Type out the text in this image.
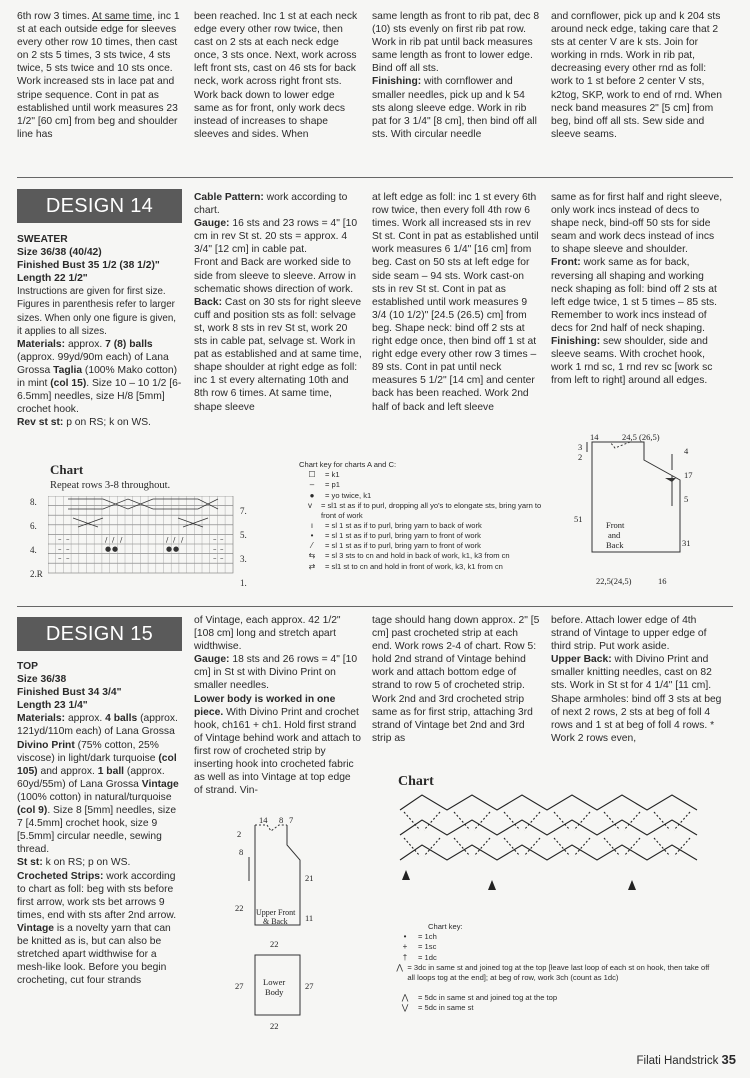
6th row 3 times. At same time, inc 1 st at each outside edge for sleeves every other row 10 times, then cast on 2 sts 5 times, 3 sts twice, 4 sts twice, 5 sts twice and 10 sts once. Work increased sts in lace pat and stripe sequence. Cont in pat as established until work measures 23 1/2" [60 cm] from beg and shoulder line has
been reached. Inc 1 st at each neck edge every other row twice, then cast on 2 sts at each neck edge once, 3 sts once. Next, work across left front sts, cast on 46 sts for back neck, work across right front sts. Work back down to lower edge same as for front, only work decs instead of increases to shape sleeves and sides. When

same length as front to rib pat, dec 8 (10) sts evenly on first rib pat row. Work in rib pat until back measures same length as front to lower edge. Bind off all sts.

Finishing: with cornflower and smaller needles, pick up and k 54 sts along sleeve edge. Work in rib pat for 3 1/4" [8 cm], then bind off all sts. With circular needle

and cornflower, pick up and k 204 sts around neck edge, taking care that 2 sts at center V are k sts. Join for working in rnds. Work in rib pat, decreasing every other rnd as foll: work to 1 st before 2 center V sts, k2tog, SKP, work to end of rnd. When neck band measures 2" [5 cm] from beg, bind off all sts. Sew side and sleeve seams.
DESIGN 14

SWEATER

Size 36/38 (40/42)

Finished Bust 35 1/2 (38 1/2)"

Length 22 1/2"

Instructions are given for first size. Figures in parenthesis refer to larger sizes. When only one figure is given, it applies to all sizes.

Materials: approx. 7 (8) balls (approx. 99yd/90m each) of Lana Grossa Taglia (100% Mako cotton) in mint (col 15). Size 10 – 10 1/2 [6-6.5mm] needles, size H/8 [5mm] crochet hook.

Rev st st: p on RS; k on WS.

Cable Pattern: work according to chart.

Gauge: 16 sts and 23 rows = 4" [10 cm in rev St st. 20 sts = approx. 4 3/4" [12 cm] in cable pat.

Front and Back are worked side to side from sleeve to sleeve. Arrow in schematic shows direction of work.

Back: Cast on 30 sts for right sleeve cuff and position sts as foll: selvage st, work 8 sts in rev St st, work 20 sts in cable pat, selvage st. Work in pat as established and at same time, shape shoulder at right edge as foll: inc 1 st every alternating 10th and 8th row 6 times. At same time, shape sleeve

at left edge as foll: inc 1 st every 6th row twice, then every foll 4th row 6 times. Work all increased sts in rev St st. Cont in pat as established until work measures 6 1/4" [16 cm] from beg. Cast on 50 sts at left edge for side seam – 94 sts. Work cast-on sts in rev St st. Cont in pat as established until work measures 9 3/4 (10 1/2)" [24.5 (26.5) cm] from beg. Shape neck: bind off 2 sts at right edge once, then bind off 1 st at right edge every other row 3 times – 89 sts. Cont in pat until neck measures 5 1/2" [14 cm] and center back has been reached. Work 2nd half of back and left sleeve

same as for first half and right sleeve, only work incs instead of decs to shape neck, bind-off 50 sts for side seam and work decs instead of incs to shape sleeve and shoulder.

Front: work same as for back, reversing all shaping and working neck shaping as foll: bind off 2 sts at left edge twice, 1 st 5 times – 85 sts. Remember to work incs instead of decs for 2nd half of neck shaping.

Finishing: sew shoulder, side and sleeve seams. With crochet hook, work 1 rnd sc, 1 rnd rev sc [work sc from left to right] around all edges.

Chart
Repeat rows 3-8 throughout.
8.
6.
4.
2.R
7.
5.
3.
1.
– –	– –
– –	– –
– –	– –
/ / /
● ●
/ / /
● ●
Chart key for charts A and C:
☐	= k1
–	= p1
●	= yo twice, k1
v	= sl1 st as if to purl, dropping all yo's to elongate sts, bring yarn to front of work
ı	= sl 1 st as if to purl, bring yarn to back of work
•	= sl 1 st as if to purl, bring yarn to front of work
⁄	= sl 1 st as if to purl, bring yarn to front of work
⇆	= sl 3 sts to cn and hold in back of work, k1, k3 from cn
⇄	= sl1 st to cn and hold in front of work, k3, k1 from cn
14	24,5 (26,5)
3
2
4
17
5
51
Front
and
Back	31
22,5(24,5)	16
DESIGN 15

TOP

Size 36/38

Finished Bust 34 3/4"

Length 23 1/4"

Materials: approx. 4 balls (approx. 121yd/110m each) of Lana Grossa Divino Print (75% cotton, 25% viscose) in light/dark turquoise (col 105) and approx. 1 ball (approx. 60yd/55m) of Lana Grossa Vintage (100% cotton) in natural/turquoise (col 9). Size 8 [5mm] needles, size 7 [4.5mm] crochet hook, size 9 [5.5mm] circular needle, sewing thread.

St st: k on RS; p on WS.

Crocheted Strips: work according to chart as foll: beg with sts before first arrow, work sts bet arrows 9 times, end with sts after 2nd arrow.

Vintage is a novelty yarn that can be knitted as is, but can also be stretched apart widthwise for a mesh-like look. Before you begin crocheting, cut four strands

of Vintage, each approx. 42 1/2" [108 cm] long and stretch apart widthwise.

Gauge: 18 sts and 26 rows = 4" [10 cm] in St st with Divino Print on smaller needles.

Lower body is worked in one piece. With Divino Print and crochet hook, ch161 + ch1. Hold first strand of Vintage behind work and attach to first row of crocheted strip by inserting hook into crocheted fabric as well as into Vintage at top edge of strand. Vin-

tage should hang down approx. 2" [5 cm] past crocheted strip at each end. Work rows 2-4 of chart. Row 5: hold 2nd strand of Vintage behind work and attach bottom edge of strand to row 5 of crocheted strip. Work 2nd and 3rd crocheted strip same as for first strip, attaching 3rd strand of Vintage bet 2nd and 3rd strip as

before. Attach lower edge of 4th strand of Vintage to upper edge of third strip. Put work aside.

Upper Back: with Divino Print and smaller knitting needles, cast on 82 sts. Work in St st for 4 1/4" [11 cm]. Shape armholes: bind off 3 sts at beg of next 2 rows, 2 sts at beg of foll 4 rows and 1 st at beg of foll 4 rows. * Work 2 rows even,

14 8 7
2
8
21
22 Upper Front
& Back 11
22
27 Lower
Body
27
22
Chart
Chart key:
•	= 1ch
+	= 1sc
†	= 1dc
⋀ = 3dc in same st and joined tog at the top [leave last loop of each st on hook, then take off all loops tog at the end]; at beg of row, work 3ch (count as 1dc)
⋀	= 5dc in same st and joined tog at the top
⋁	= 5dc in same st
Filati Handstrick 35
